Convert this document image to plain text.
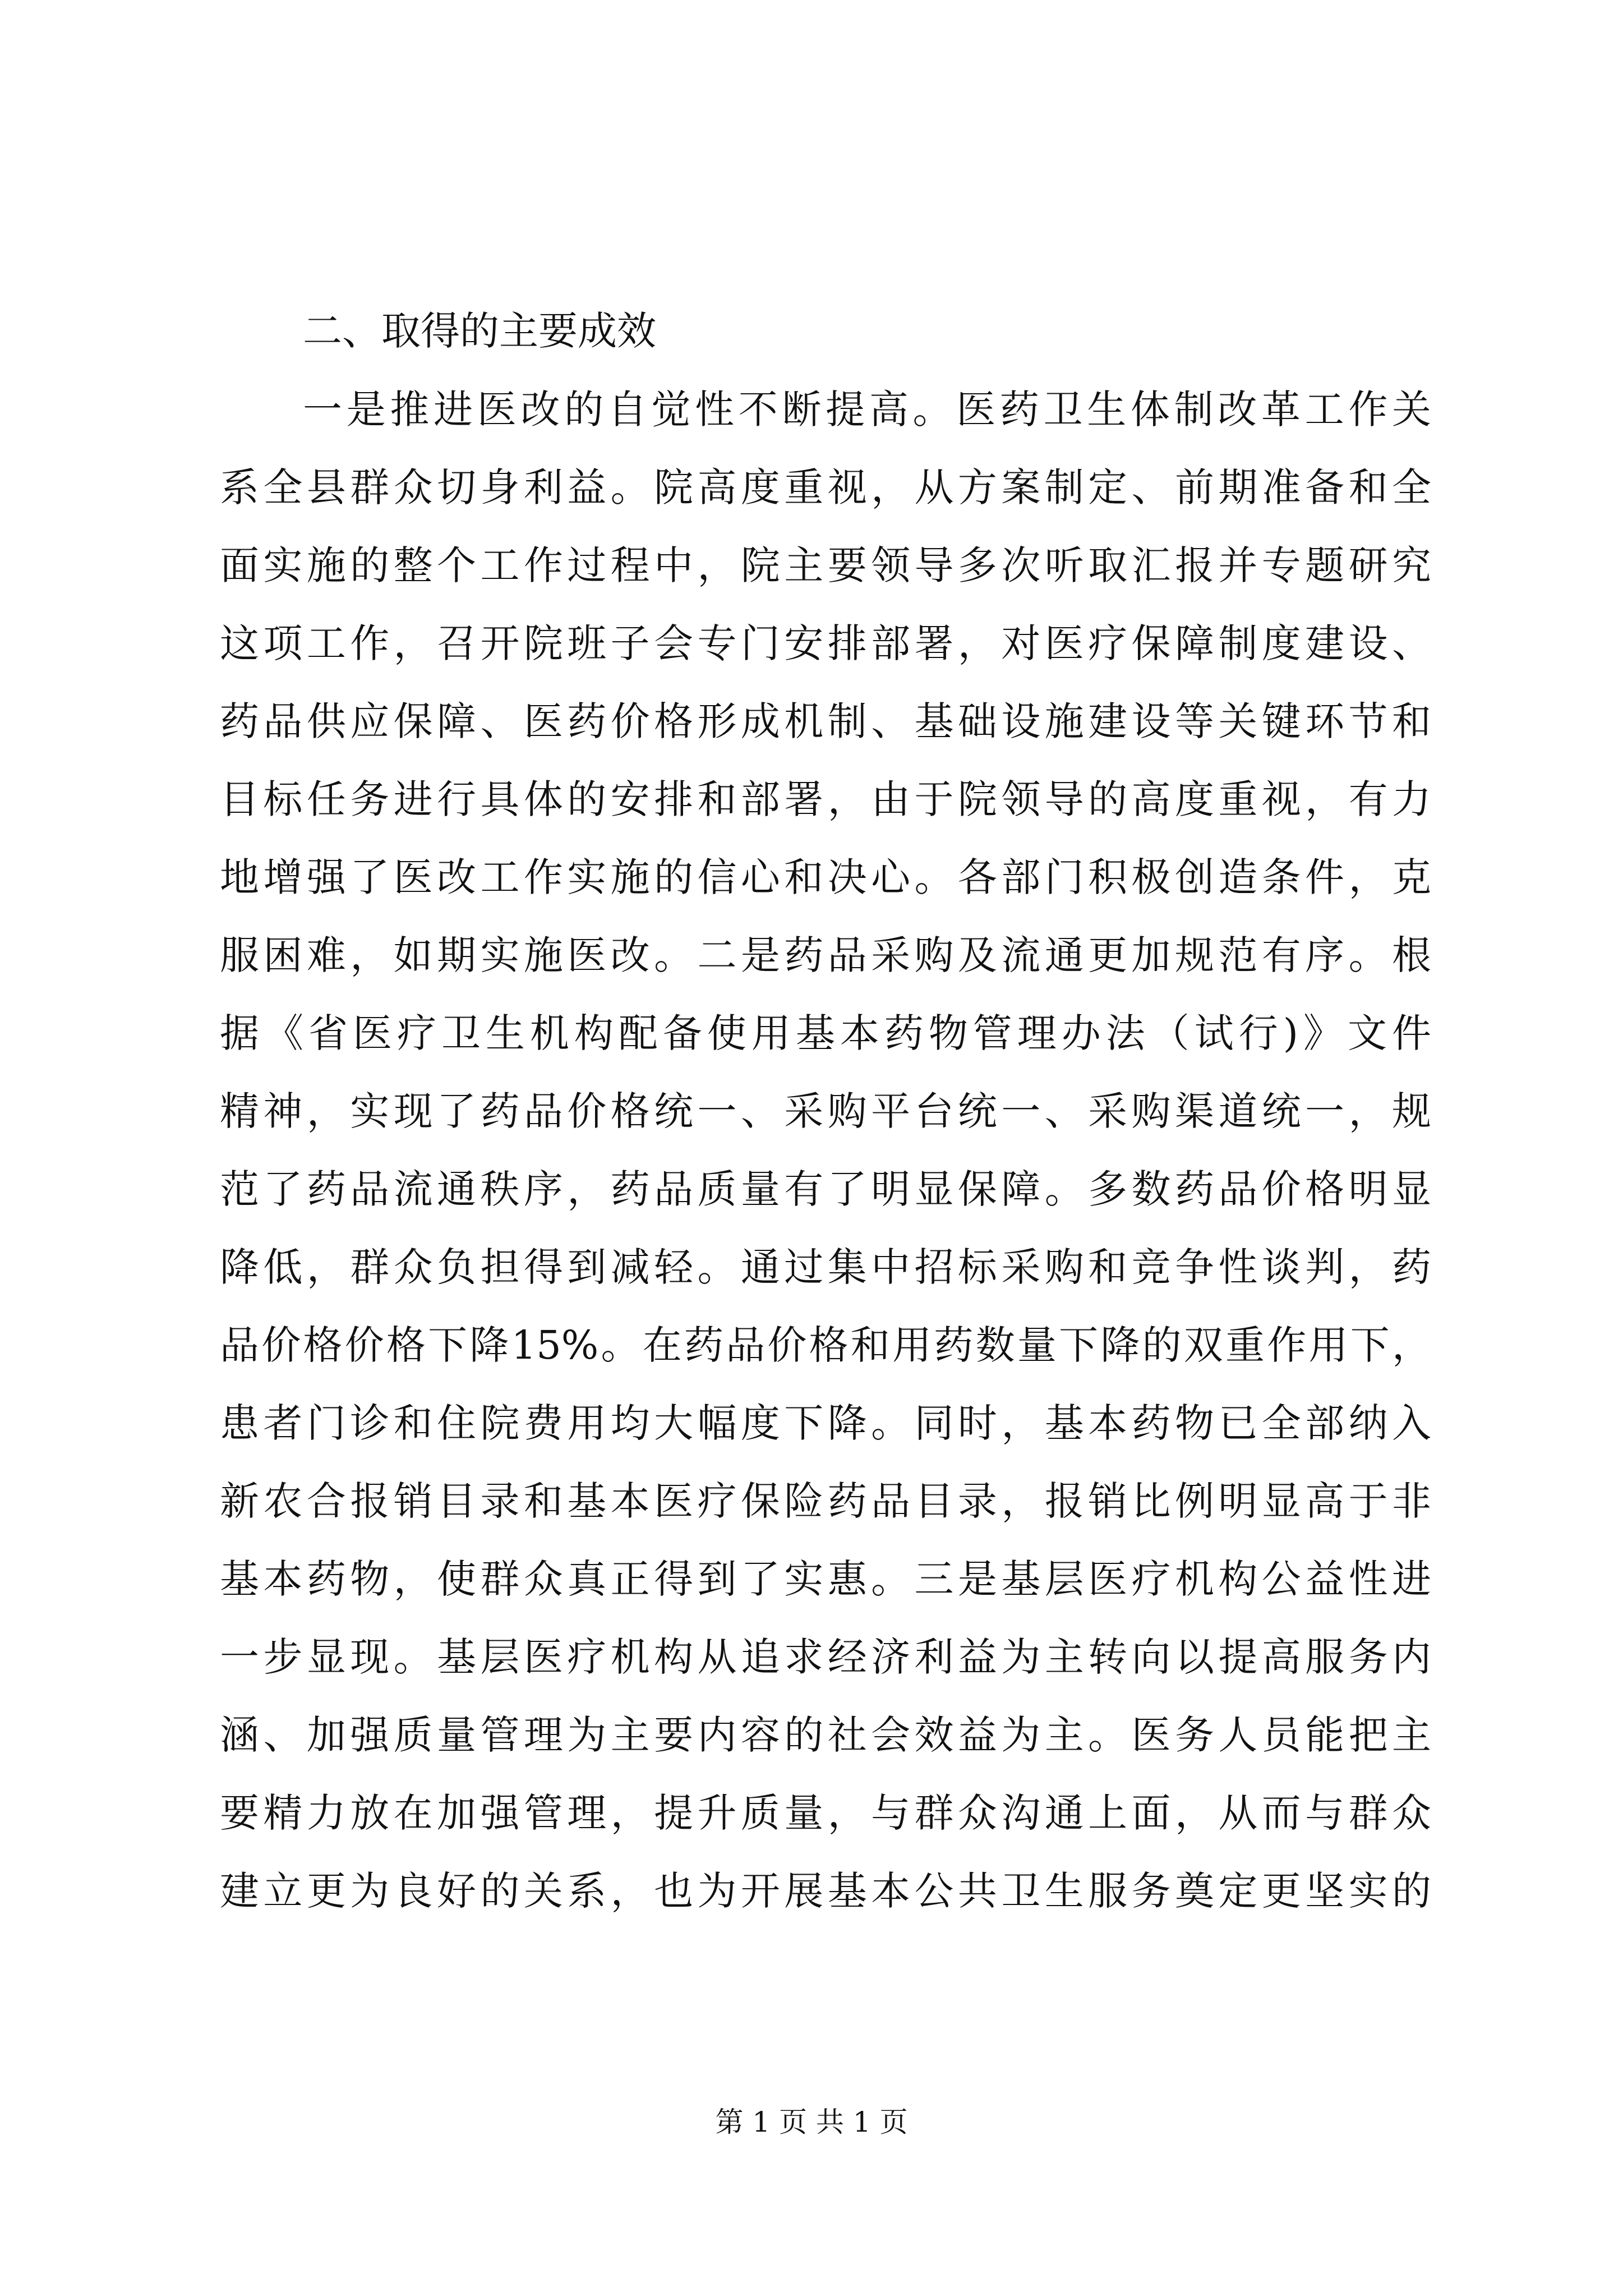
二、取得的主要成效
一是推进医改的自觉性不断提高。医药卫生体制改革工作关
系全县群众切身利益。院高度重视，从方案制定、前期准备和全
面实施的整个工作过程中，院主要领导多次听取汇报并专题研究
这项工作，召开院班子会专门安排部署，对医疗保障制度建设、
药品供应保障、医药价格形成机制、基础设施建设等关键环节和
目标任务进行具体的安排和部署，由于院领导的高度重视，有力
地增强了医改工作实施的信心和决心。各部门积极创造条件，克
服困难，如期实施医改。二是药品采购及流通更加规范有序。根
据《省医疗卫生机构配备使用基本药物管理办法（试行)》文件
精神，实现了药品价格统一、采购平台统一、采购渠道统一，规
范了药品流通秩序，药品质量有了明显保障。多数药品价格明显
降低，群众负担得到减轻。通过集中招标采购和竞争性谈判，药
品价格价格下降15%。在药品价格和用药数量下降的双重作用下，
患者门诊和住院费用均大幅度下降。同时，基本药物已全部纳入
新农合报销目录和基本医疗保险药品目录，报销比例明显高于非
基本药物，使群众真正得到了实惠。三是基层医疗机构公益性进
一步显现。基层医疗机构从追求经济利益为主转向以提高服务内
涵、加强质量管理为主要内容的社会效益为主。医务人员能把主
要精力放在加强管理，提升质量，与群众沟通上面，从而与群众
建立更为良好的关系，也为开展基本公共卫生服务奠定更坚实的
第 1 页 共 1 页
